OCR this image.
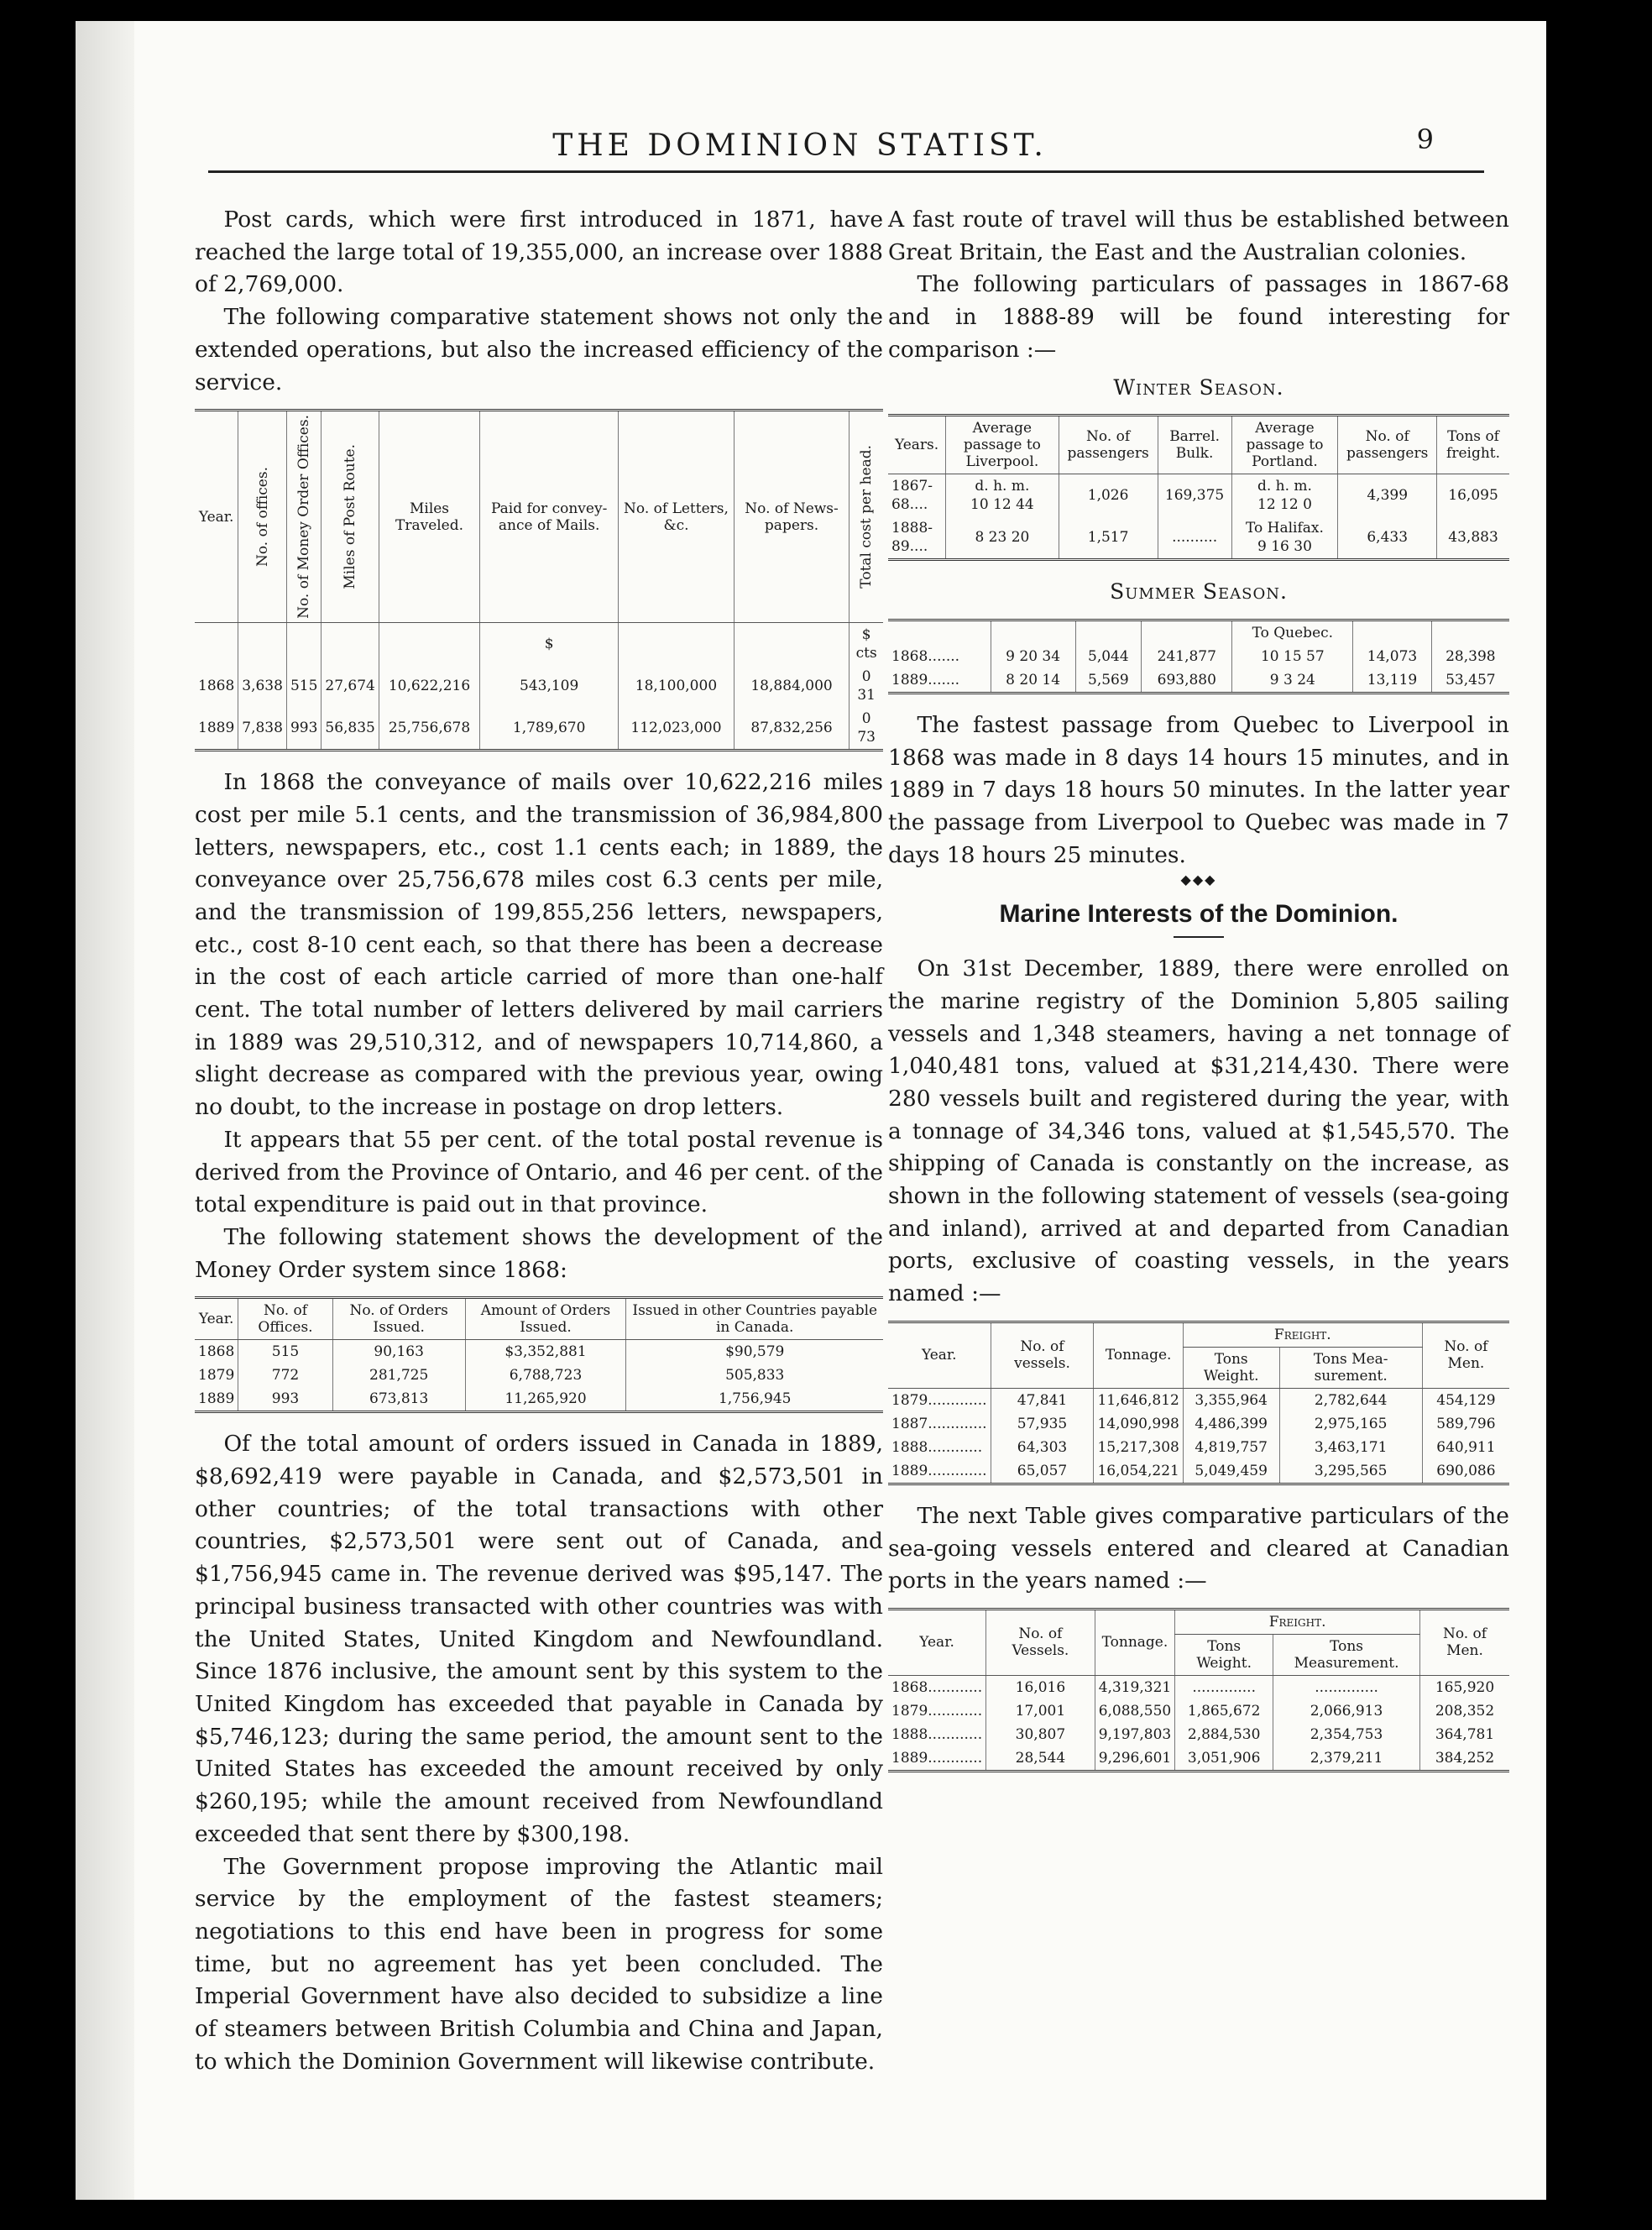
THE DOMINION STATIST.	9

Post cards, which were first introduced in 1871, have reached the large total of 19,355,000, an increase over 1888 of 2,769,000.

The following comparative statement shows not only the extended operations, but also the increased efficiency of the service.

Year.	No. of offices.	No. of Money Order Offices.	Miles of Post Route.	Miles Traveled.	Paid for convey-ance of Mails.	No. of Letters, &c.	No. of News-papers.	Total cost per head.

					$			$ cts
1868	3,638	515	27,674	10,622,216	543,109	18,100,000	18,884,000	0 31
1889	7,838	993	56,835	25,756,678	1,789,670	112,023,000	87,832,256	0 73

In 1868 the conveyance of mails over 10,622,216 miles cost per mile 5.1 cents, and the transmission of 36,984,800 letters, newspapers, etc., cost 1.1 cents each; in 1889, the conveyance over 25,756,678 miles cost 6.3 cents per mile, and the transmission of 199,855,256 letters, newspapers, etc., cost 8-10 cent each, so that there has been a decrease in the cost of each article carried of more than one-half cent. The total number of letters delivered by mail carriers in 1889 was 29,510,312, and of newspapers 10,714,860, a slight decrease as compared with the previous year, owing no doubt, to the increase in postage on drop letters.

It appears that 55 per cent. of the total postal revenue is derived from the Province of Ontario, and 46 per cent. of the total expenditure is paid out in that province.

The following statement shows the development of the Money Order system since 1868:

Year.	No. of Offices.	No. of Orders Issued.	Amount of Orders Issued.	Issued in other Countries payable in Canada.
1868	515	90,163	$3,352,881	$90,579
1879	772	281,725	6,788,723	505,833
1889	993	673,813	11,265,920	1,756,945

Of the total amount of orders issued in Canada in 1889, $8,692,419 were payable in Canada, and $2,573,501 in other countries; of the total transactions with other countries, $2,573,501 were sent out of Canada, and $1,756,945 came in. The revenue derived was $95,147. The principal business transacted with other countries was with the United States, United Kingdom and Newfoundland. Since 1876 inclusive, the amount sent by this system to the United Kingdom has exceeded that payable in Canada by $5,746,123; during the same period, the amount sent to the United States has exceeded the amount received by only $260,195; while the amount received from Newfoundland exceeded that sent there by $300,198.

The Government propose improving the Atlantic mail service by the employment of the fastest steamers; negotiations to this end have been in progress for some time, but no agreement has yet been concluded. The Imperial Government have also decided to subsidize a line of steamers between British Columbia and China and Japan, to which the Dominion Government will likewise contribute.

A fast route of travel will thus be established between Great Britain, the East and the Australian colonies.

The following particulars of passages in 1867-68 and in 1888-89 will be found interesting for comparison :—

Winter Season.
Years.	Average passage to Liverpool.	No. of passengers	Barrel. Bulk.	Average passage to Portland.	No. of passengers	Tons of freight.
1867-68....	d. h. m.
10 12 44	1,026	169,375	d. h. m.
12 12 0	4,399	16,095
1888-89....	8 23 20	1,517	..........	To Halifax.
9 16 30	6,433	43,883
Summer Season.
				To Quebec.		
1868.......	9 20 34	5,044	241,877	10 15 57	14,073	28,398
1889.......	8 20 14	5,569	693,880	9 3 24	13,119	53,457

The fastest passage from Quebec to Liverpool in 1868 was made in 8 days 14 hours 15 minutes, and in 1889 in 7 days 18 hours 50 minutes. In the latter year the passage from Liverpool to Quebec was made in 7 days 18 hours 25 minutes.

◆◆◆
Marine Interests of the Dominion.

On 31st December, 1889, there were enrolled on the marine registry of the Dominion 5,805 sailing vessels and 1,348 steamers, having a net tonnage of 1,040,481 tons, valued at $31,214,430. There were 280 vessels built and registered during the year, with a tonnage of 34,346 tons, valued at $1,545,570. The shipping of Canada is constantly on the increase, as shown in the following statement of vessels (sea-going and inland), arrived at and departed from Canadian ports, exclusive of coasting vessels, in the years named :—

Year.	No. of vessels.	Tonnage.	Freight.		No. of Men.
			Tons Weight.	Tons Mea-surement.	
1879.............	47,841	11,646,812	3,355,964	2,782,644	454,129
1887.............	57,935	14,090,998	4,486,399	2,975,165	589,796
1888............	64,303	15,217,308	4,819,757	3,463,171	640,911
1889.............	65,057	16,054,221	5,049,459	3,295,565	690,086

The next Table gives comparative particulars of the sea-going vessels entered and cleared at Canadian ports in the years named :—

Year.	No. of Vessels.	Tonnage.	Freight.		No. of Men.
			Tons Weight.	Tons Measurement.	
1868............	16,016	4,319,321	..............	..............	165,920
1879............	17,001	6,088,550	1,865,672	2,066,913	208,352
1888............	30,807	9,197,803	2,884,530	2,354,753	364,781
1889............	28,544	9,296,601	3,051,906	2,379,211	384,252
